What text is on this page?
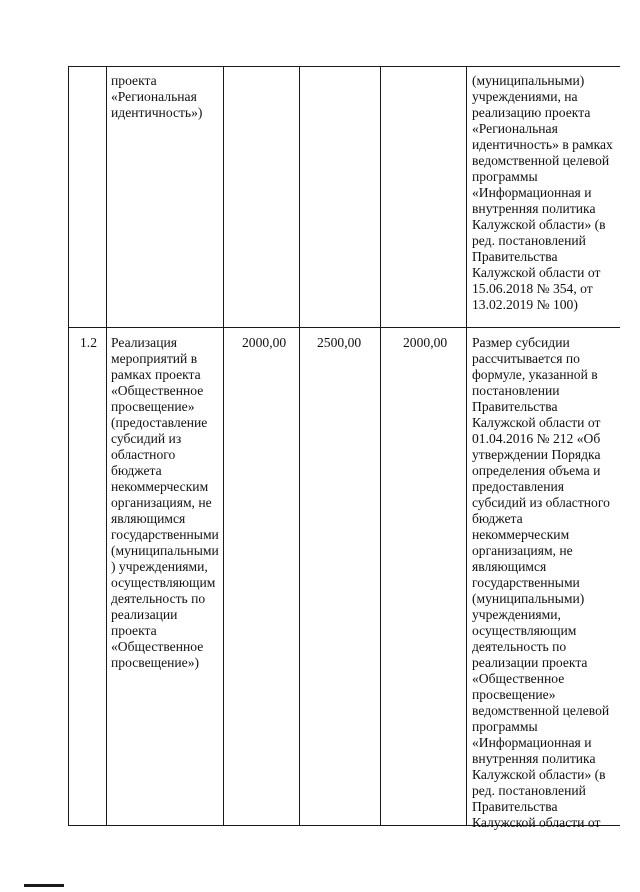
проекта
«Региональная
идентичность»)
(муниципальными)
учреждениями, на
реализацию проекта
«Региональная
идентичность» в рамках
ведомственной целевой
программы
«Информационная и
внутренняя политика
Калужской области» (в
ред. постановлений
Правительства
Калужской области от
15.06.2018 № 354, от
13.02.2019 № 100)
1.2 Реализация
мероприятий в
рамках проекта
«Общественное
просвещение»
(предоставление
субсидий из
областного
бюджета
некоммерческим
организациям, не
являющимся
государственными
(муниципальными
) учреждениями,
осуществляющим
деятельность по
реализации
проекта
«Общественное
просвещение»)
2000,00 2500,00	2000,00 Размер субсидии
рассчитывается по
формуле, указанной в
постановлении
Правительства
Калужской области от
01.04.2016 № 212 «Об
утверждении Порядка
определения объема и
предоставления
субсидий из областного
бюджета
некоммерческим
организациям, не
являющимся
государственными
(муниципальными)
учреждениями,
осуществляющим
деятельность по
реализации проекта
«Общественное
просвещение»
ведомственной целевой
программы
«Информационная и
внутренняя политика
Калужской области» (в
ред. постановлений
Правительства
Калужской области от
